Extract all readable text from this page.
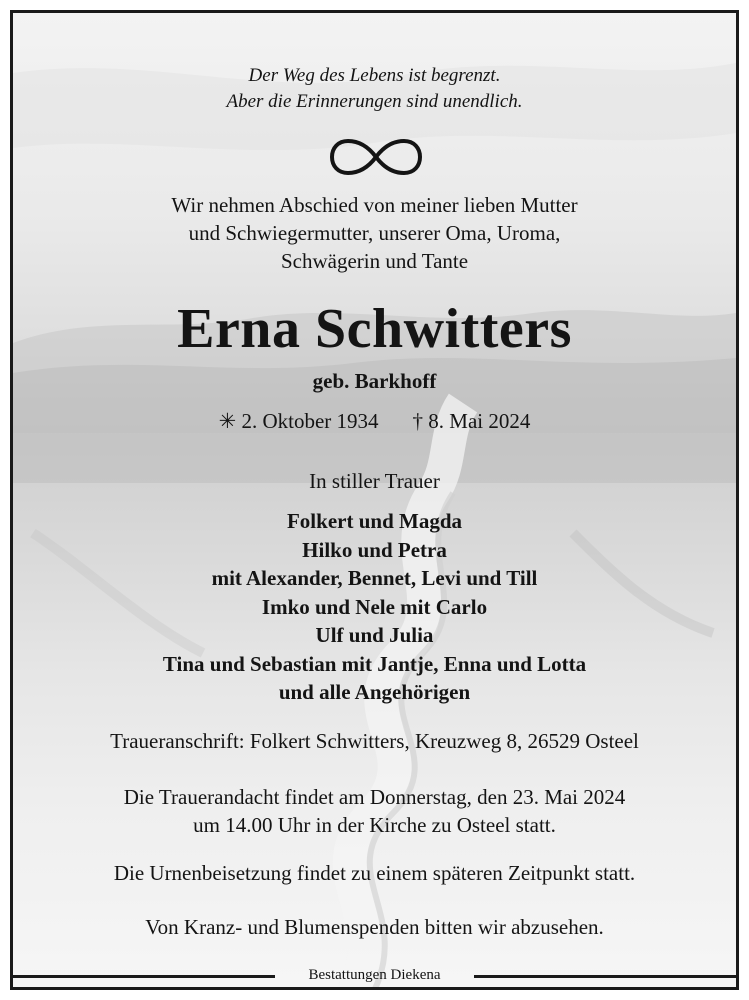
Der Weg des Lebens ist begrenzt.
Aber die Erinnerungen sind unendlich.
Wir nehmen Abschied von meiner lieben Mutter
und Schwiegermutter, unserer Oma, Uroma,
Schwägerin und Tante
Erna Schwitters
geb. Barkhoff
✳ 2. Oktober 1934 † 8. Mai 2024
In stiller Trauer
Folkert und Magda
Hilko und Petra
mit Alexander, Bennet, Levi und Till
Imko und Nele mit Carlo
Ulf und Julia
Tina und Sebastian mit Jantje, Enna und Lotta
und alle Angehörigen
Traueranschrift: Folkert Schwitters, Kreuzweg 8, 26529 Osteel
Die Trauerandacht findet am Donnerstag, den 23. Mai 2024
um 14.00 Uhr in der Kirche zu Osteel statt.
Die Urnenbeisetzung findet zu einem späteren Zeitpunkt statt.
Von Kranz- und Blumenspenden bitten wir abzusehen.
Bestattungen Diekena
